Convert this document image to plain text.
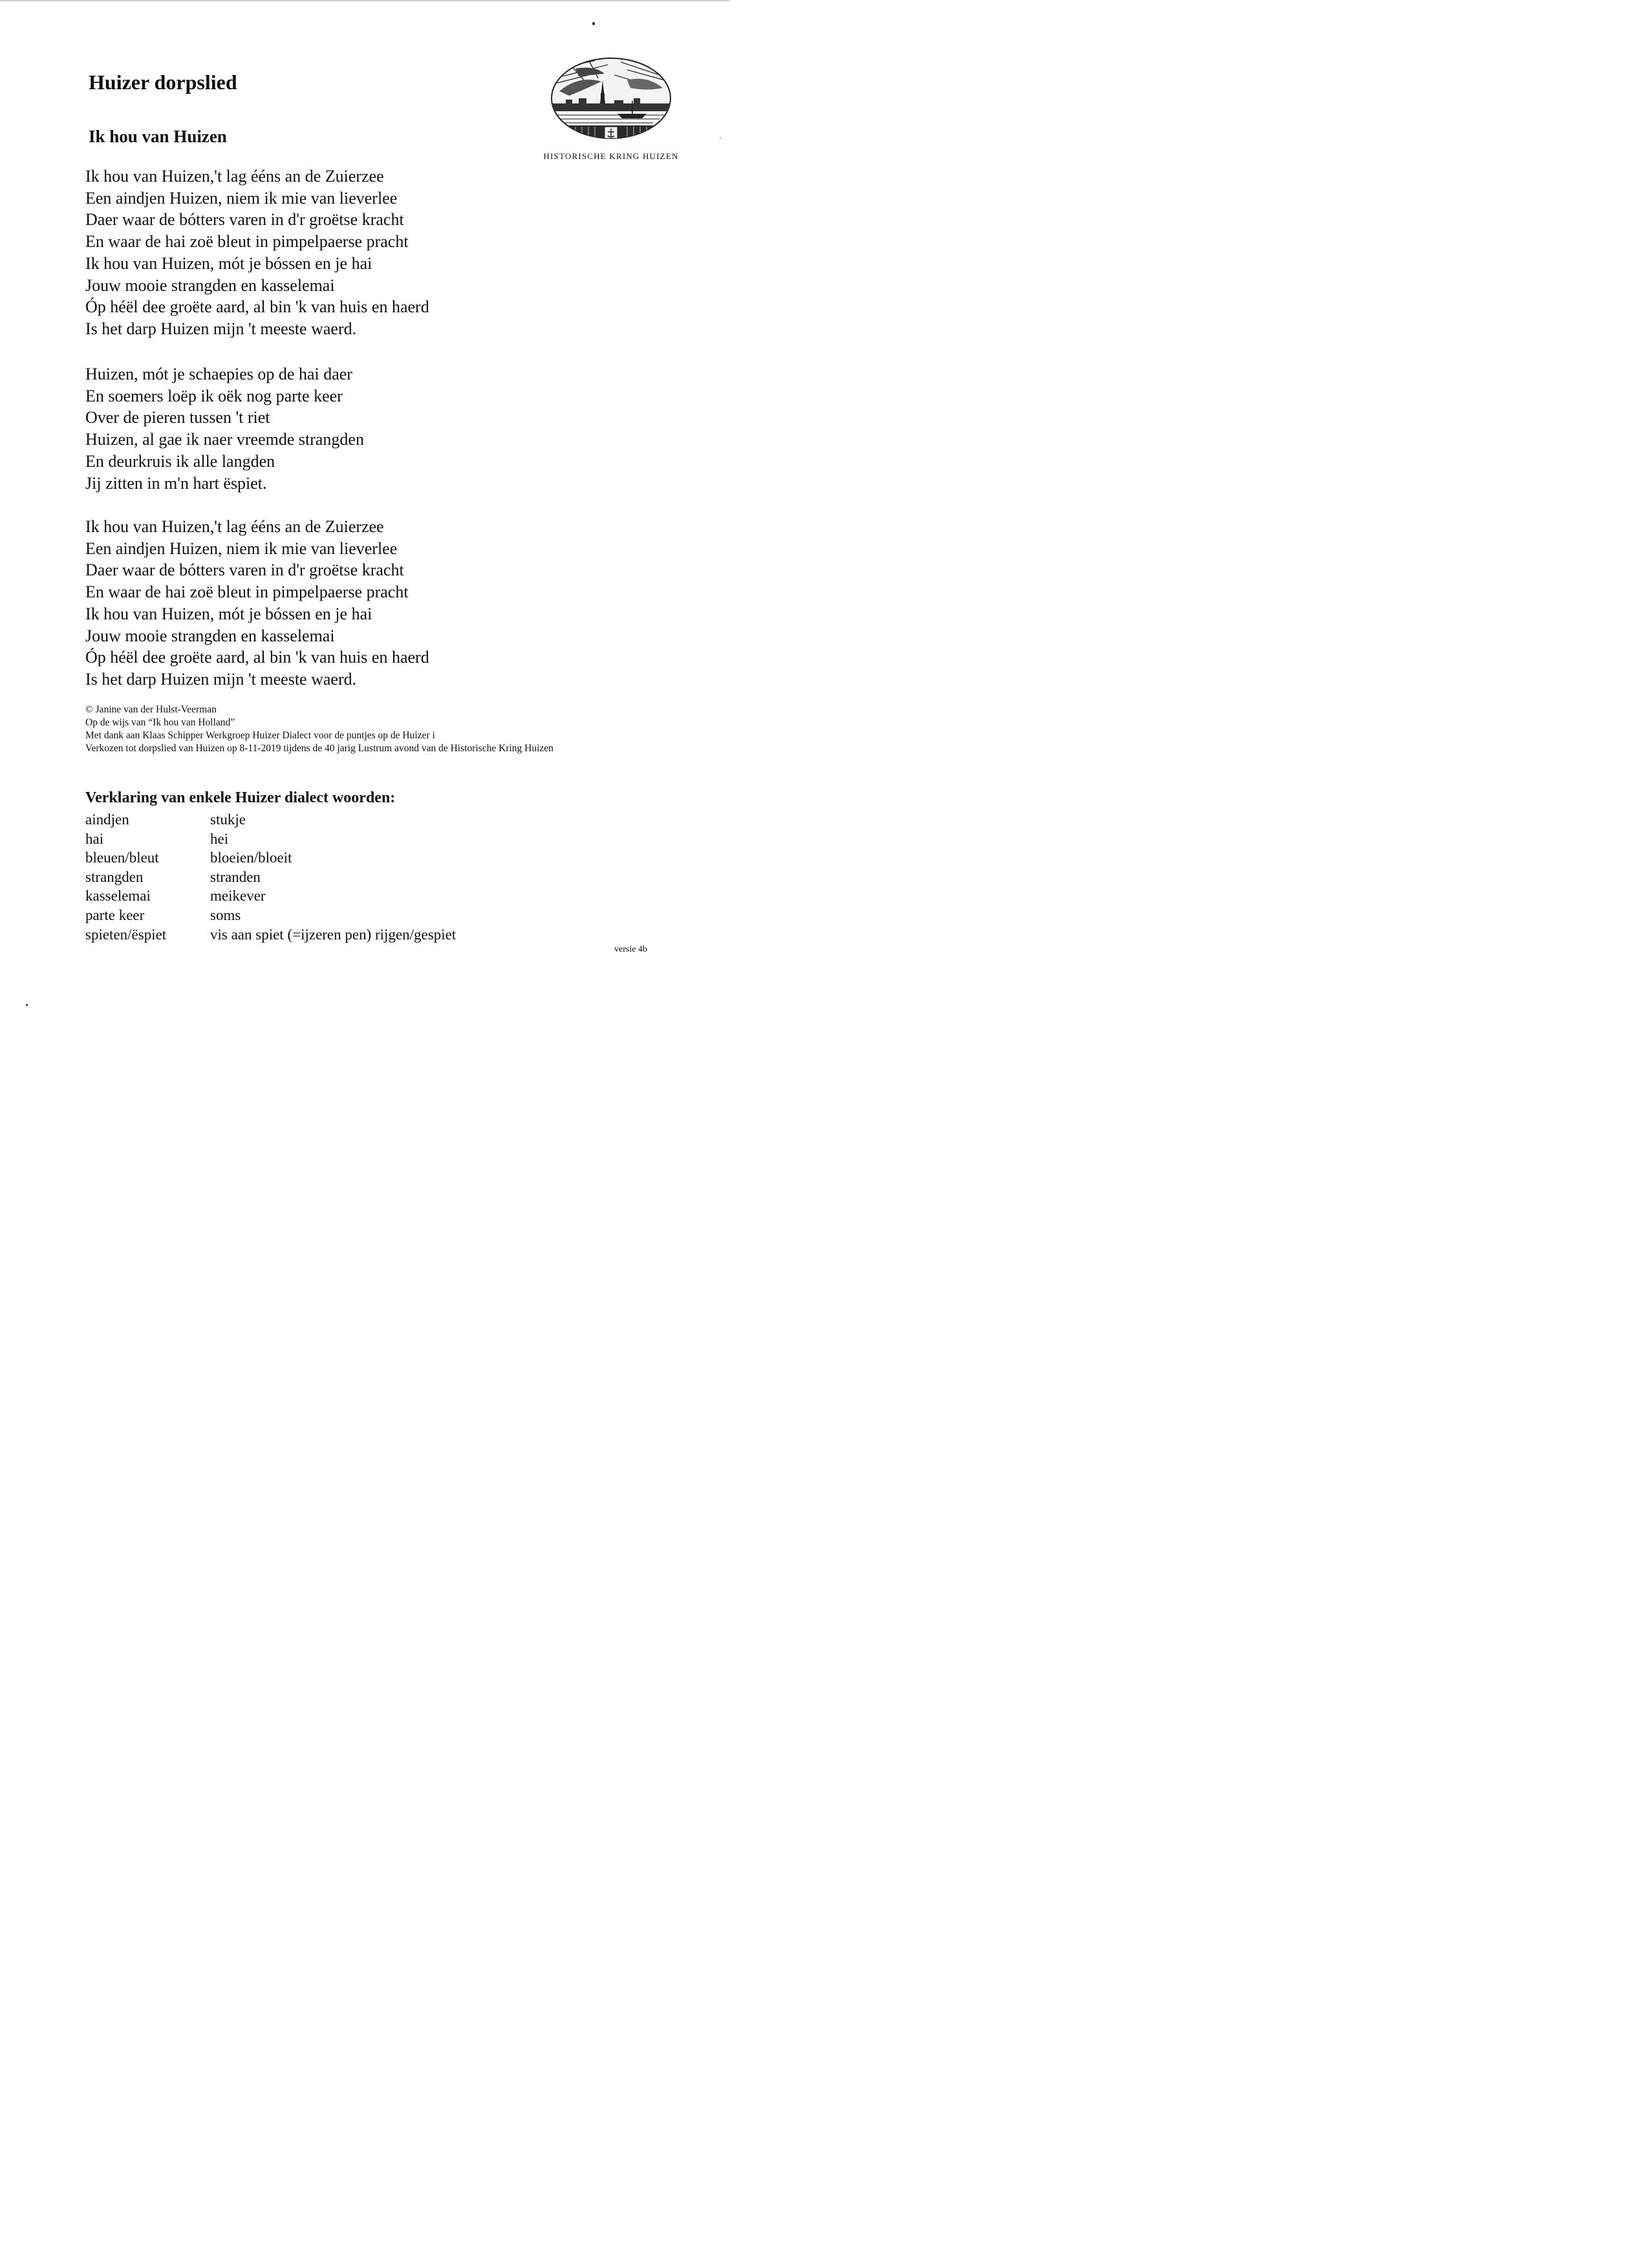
Huizer dorpslied
Ik hou van Huizen
HISTORISCHE KRING HUIZEN
Ik hou van Huizen,'t lag ééns an de Zuierzee
Een aindjen Huizen, niem ik mie van lieverlee
Daer waar de bótters varen in d'r groëtse kracht
En waar de hai zoë bleut in pimpelpaerse pracht
Ik hou van Huizen, mót je bóssen en je hai
Jouw mooie strangden en kasselemai
Óp héël dee groëte aard, al bin 'k van huis en haerd
Is het darp Huizen mijn 't meeste waerd.
Huizen, mót je schaepies op de hai daer
En soemers loëp ik oëk nog parte keer
Over de pieren tussen 't riet
Huizen, al gae ik naer vreemde strangden
En deurkruis ik alle langden
Jij zitten in m'n hart ëspiet.
Ik hou van Huizen,'t lag ééns an de Zuierzee
Een aindjen Huizen, niem ik mie van lieverlee
Daer waar de bótters varen in d'r groëtse kracht
En waar de hai zoë bleut in pimpelpaerse pracht
Ik hou van Huizen, mót je bóssen en je hai
Jouw mooie strangden en kasselemai
Óp héël dee groëte aard, al bin 'k van huis en haerd
Is het darp Huizen mijn 't meeste waerd.
© Janine van der Hulst-Veerman
Op de wijs van “Ik hou van Holland”
Met dank aan Klaas Schipper Werkgroep Huizer Dialect voor de puntjes op de Huizer i
Verkozen tot dorpslied van Huizen op 8-11-2019 tijdens de 40 jarig Lustrum avond van de Historische Kring Huizen
Verklaring van enkele Huizer dialect woorden:
aindjen	stukje
hai	hei
bleuen/bleut	bloeien/bloeit
strangden	stranden
kasselemai	meikever
parte keer	soms
spieten/ëspiet	vis aan spiet (=ijzeren pen) rijgen/gespiet
versie 4b
